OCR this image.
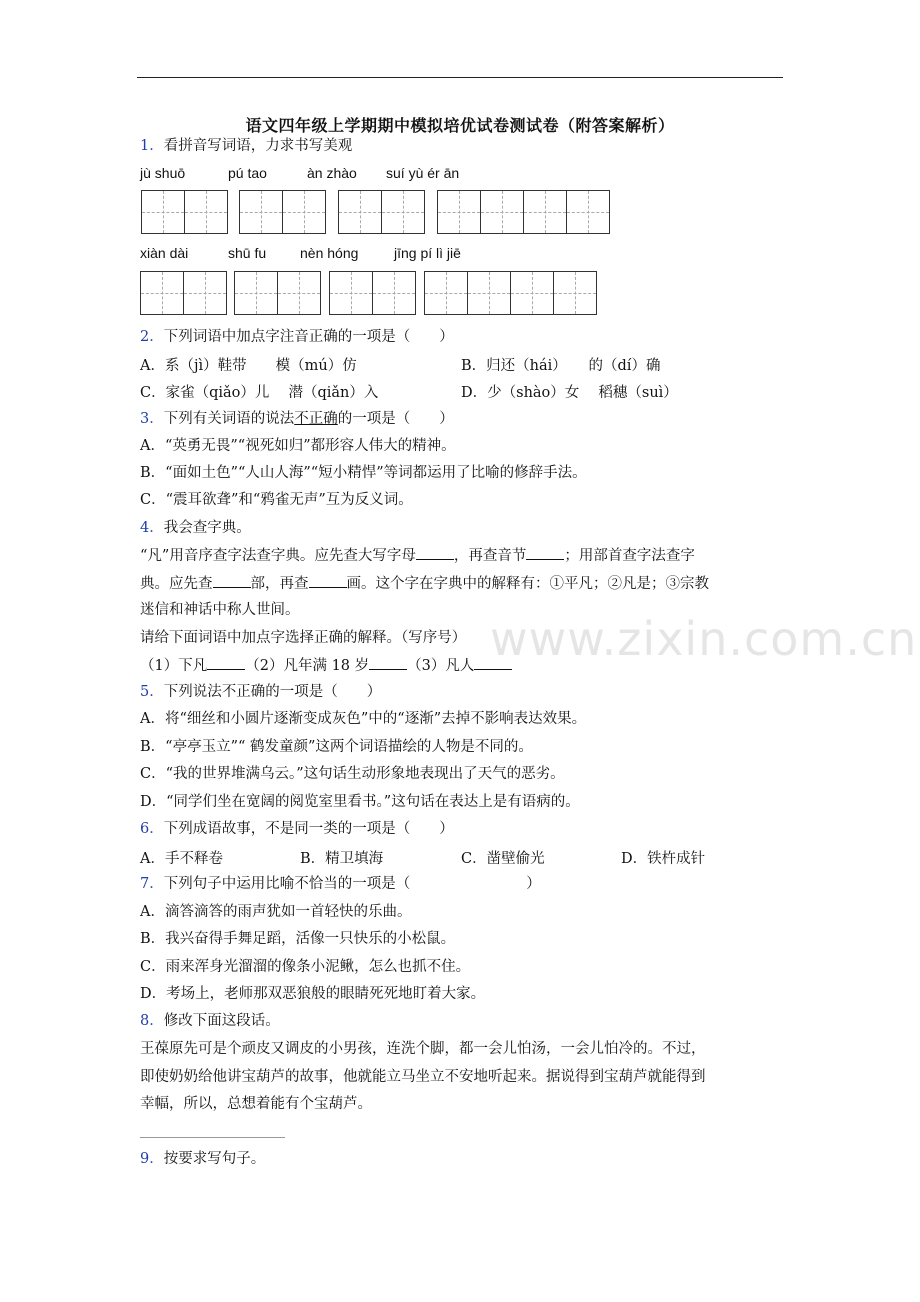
www.zixin.com.cn
语文四年级上学期期中模拟培优试卷测试卷（附答案解析）
1．看拼音写词语，力求书写美观
jù shuō	pú tao	àn zhào suí yù ér ān
xiàn dài	shū fu nèn hóng	jīng pí lì jiē
2．下列词语中加点字注音正确的一项是（　　）
A．系（jì）鞋带　　模（mú）仿	B．归还（hái）　　的（dí）确
C．家雀（qiǎo）儿　 潜（qiǎn）入	D．少（shào）女　 稻穗（suì）
3．下列有关词语的说法不正确的一项是（　　）
A．“英勇无畏”“视死如归”都形容人伟大的精神。
B．“面如土色”“人山人海”“短小精悍”等词都运用了比喻的修辞手法。
C．“震耳欲聋”和“鸦雀无声”互为反义词。
4．我会查字典。
“凡”用音序查字法查字典。应先查大写字母	，再查音节	；用部首查字法查字
典。应先查	部，再查	画。这个字在字典中的解释有：①平凡；②凡是；③宗教
迷信和神话中称人世间。
请给下面词语中加点字选择正确的解释。（写序号）
（1）下凡	（2）凡年满 18 岁	（3）凡人
5．下列说法不正确的一项是（　　）
A．将“细丝和小圆片逐渐变成灰色”中的“逐渐”去掉不影响表达效果。
B．“亭亭玉立”“ 鹤发童颜”这两个词语描绘的人物是不同的。
C．“我的世界堆满乌云。”这句话生动形象地表现出了天气的恶劣。
D．“同学们坐在宽阔的阅览室里看书。”这句话在表达上是有语病的。
6．下列成语故事，不是同一类的一项是（　　）
A．手不释卷	B．精卫填海	C．凿壁偷光	D．铁杵成针
7．下列句子中运用比喻不恰当的一项是（　　　　　　　　）
A．滴答滴答的雨声犹如一首轻快的乐曲。
B．我兴奋得手舞足蹈，活像一只快乐的小松鼠。
C．雨来浑身光溜溜的像条小泥鳅，怎么也抓不住。
D．考场上，老师那双恶狼般的眼睛死死地盯着大家。
8．修改下面这段话。
王葆原先可是个顽皮又调皮的小男孩，连洗个脚，都一会儿怕汤，一会儿怕冷的。不过，
即使奶奶给他讲宝葫芦的故事，他就能立马坐立不安地听起来。据说得到宝葫芦就能得到
幸幅，所以，总想着能有个宝葫芦。
9．按要求写句子。
